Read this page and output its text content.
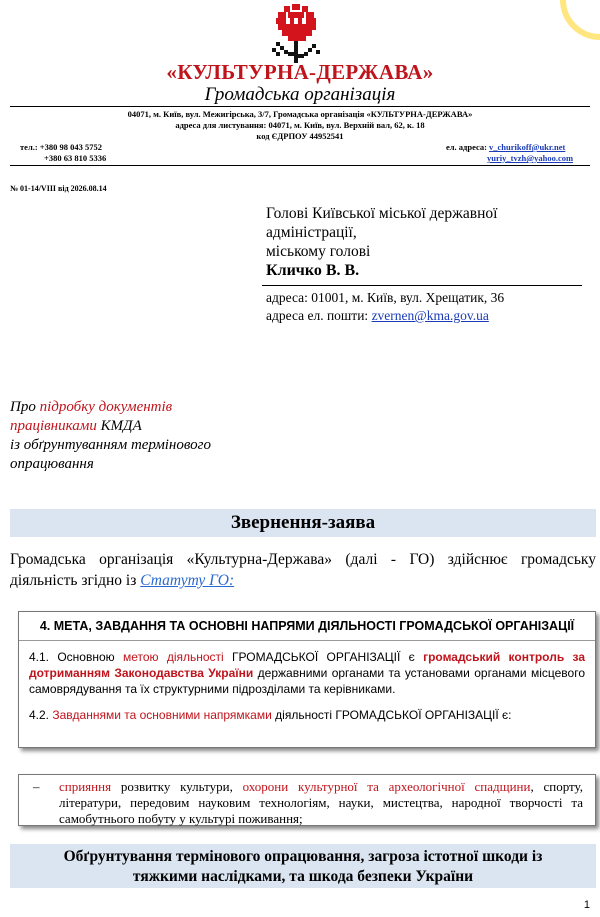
«КУЛЬТУРНА-ДЕРЖАВА»
Громадська організація
04071, м. Київ, вул. Межигірська, 3/7, Громадська організація «КУЛЬТУРНА-ДЕРЖАВА»
адреса для листування: 04071, м. Київ, вул. Верхній вал, 62, к. 18
код ЄДРПОУ 44952541
тел.: +380 98 043 5752
+380 63 810 5336
ел. адреса: v_churikoff@ukr.net
yuriy_tvzh@yahoo.com
№ 01-14/VIII від 2026.08.14
Голові Київської міської державної
адміністрації,
міському голові
Кличко В. В.
адреса: 01001, м. Київ, вул. Хрещатик, 36
адреса ел. пошти: zvernen@kma.gov.ua
Про підробку документів
працівниками КМДА
із обґрунтуванням термінового
опрацювання
Звернення-заява
Громадська організація «Культурна-Держава» (далі - ГО) здійснює громадську діяльність згідно із Статуту ГО:
4. МЕТА, ЗАВДАННЯ ТА ОСНОВНІ НАПРЯМИ ДІЯЛЬНОСТІ ГРОМАДСЬКОЇ ОРГАНІЗАЦІЇ

4.1. Основною метою діяльності ГРОМАДСЬКОЇ ОРГАНІЗАЦІЇ є громадський контроль за дотриманням Законодавства України державними органами та установами органами місцевого самоврядування та їх структурними підрозділами та керівниками.

4.2. Завданнями та основними напрямками діяльності ГРОМАДСЬКОЇ ОРГАНІЗАЦІЇ є:

–	сприяння розвитку культури, охорони культурної та археологічної спадщини, спорту, літератури, передовим науковим технологіям, науки, мистецтва, народної творчості та самобутнього побуту у культурі поживання;
Обґрунтування термінового опрацювання, загроза істотної шкоди із тяжкими наслідками, та шкода безпеки України
1
